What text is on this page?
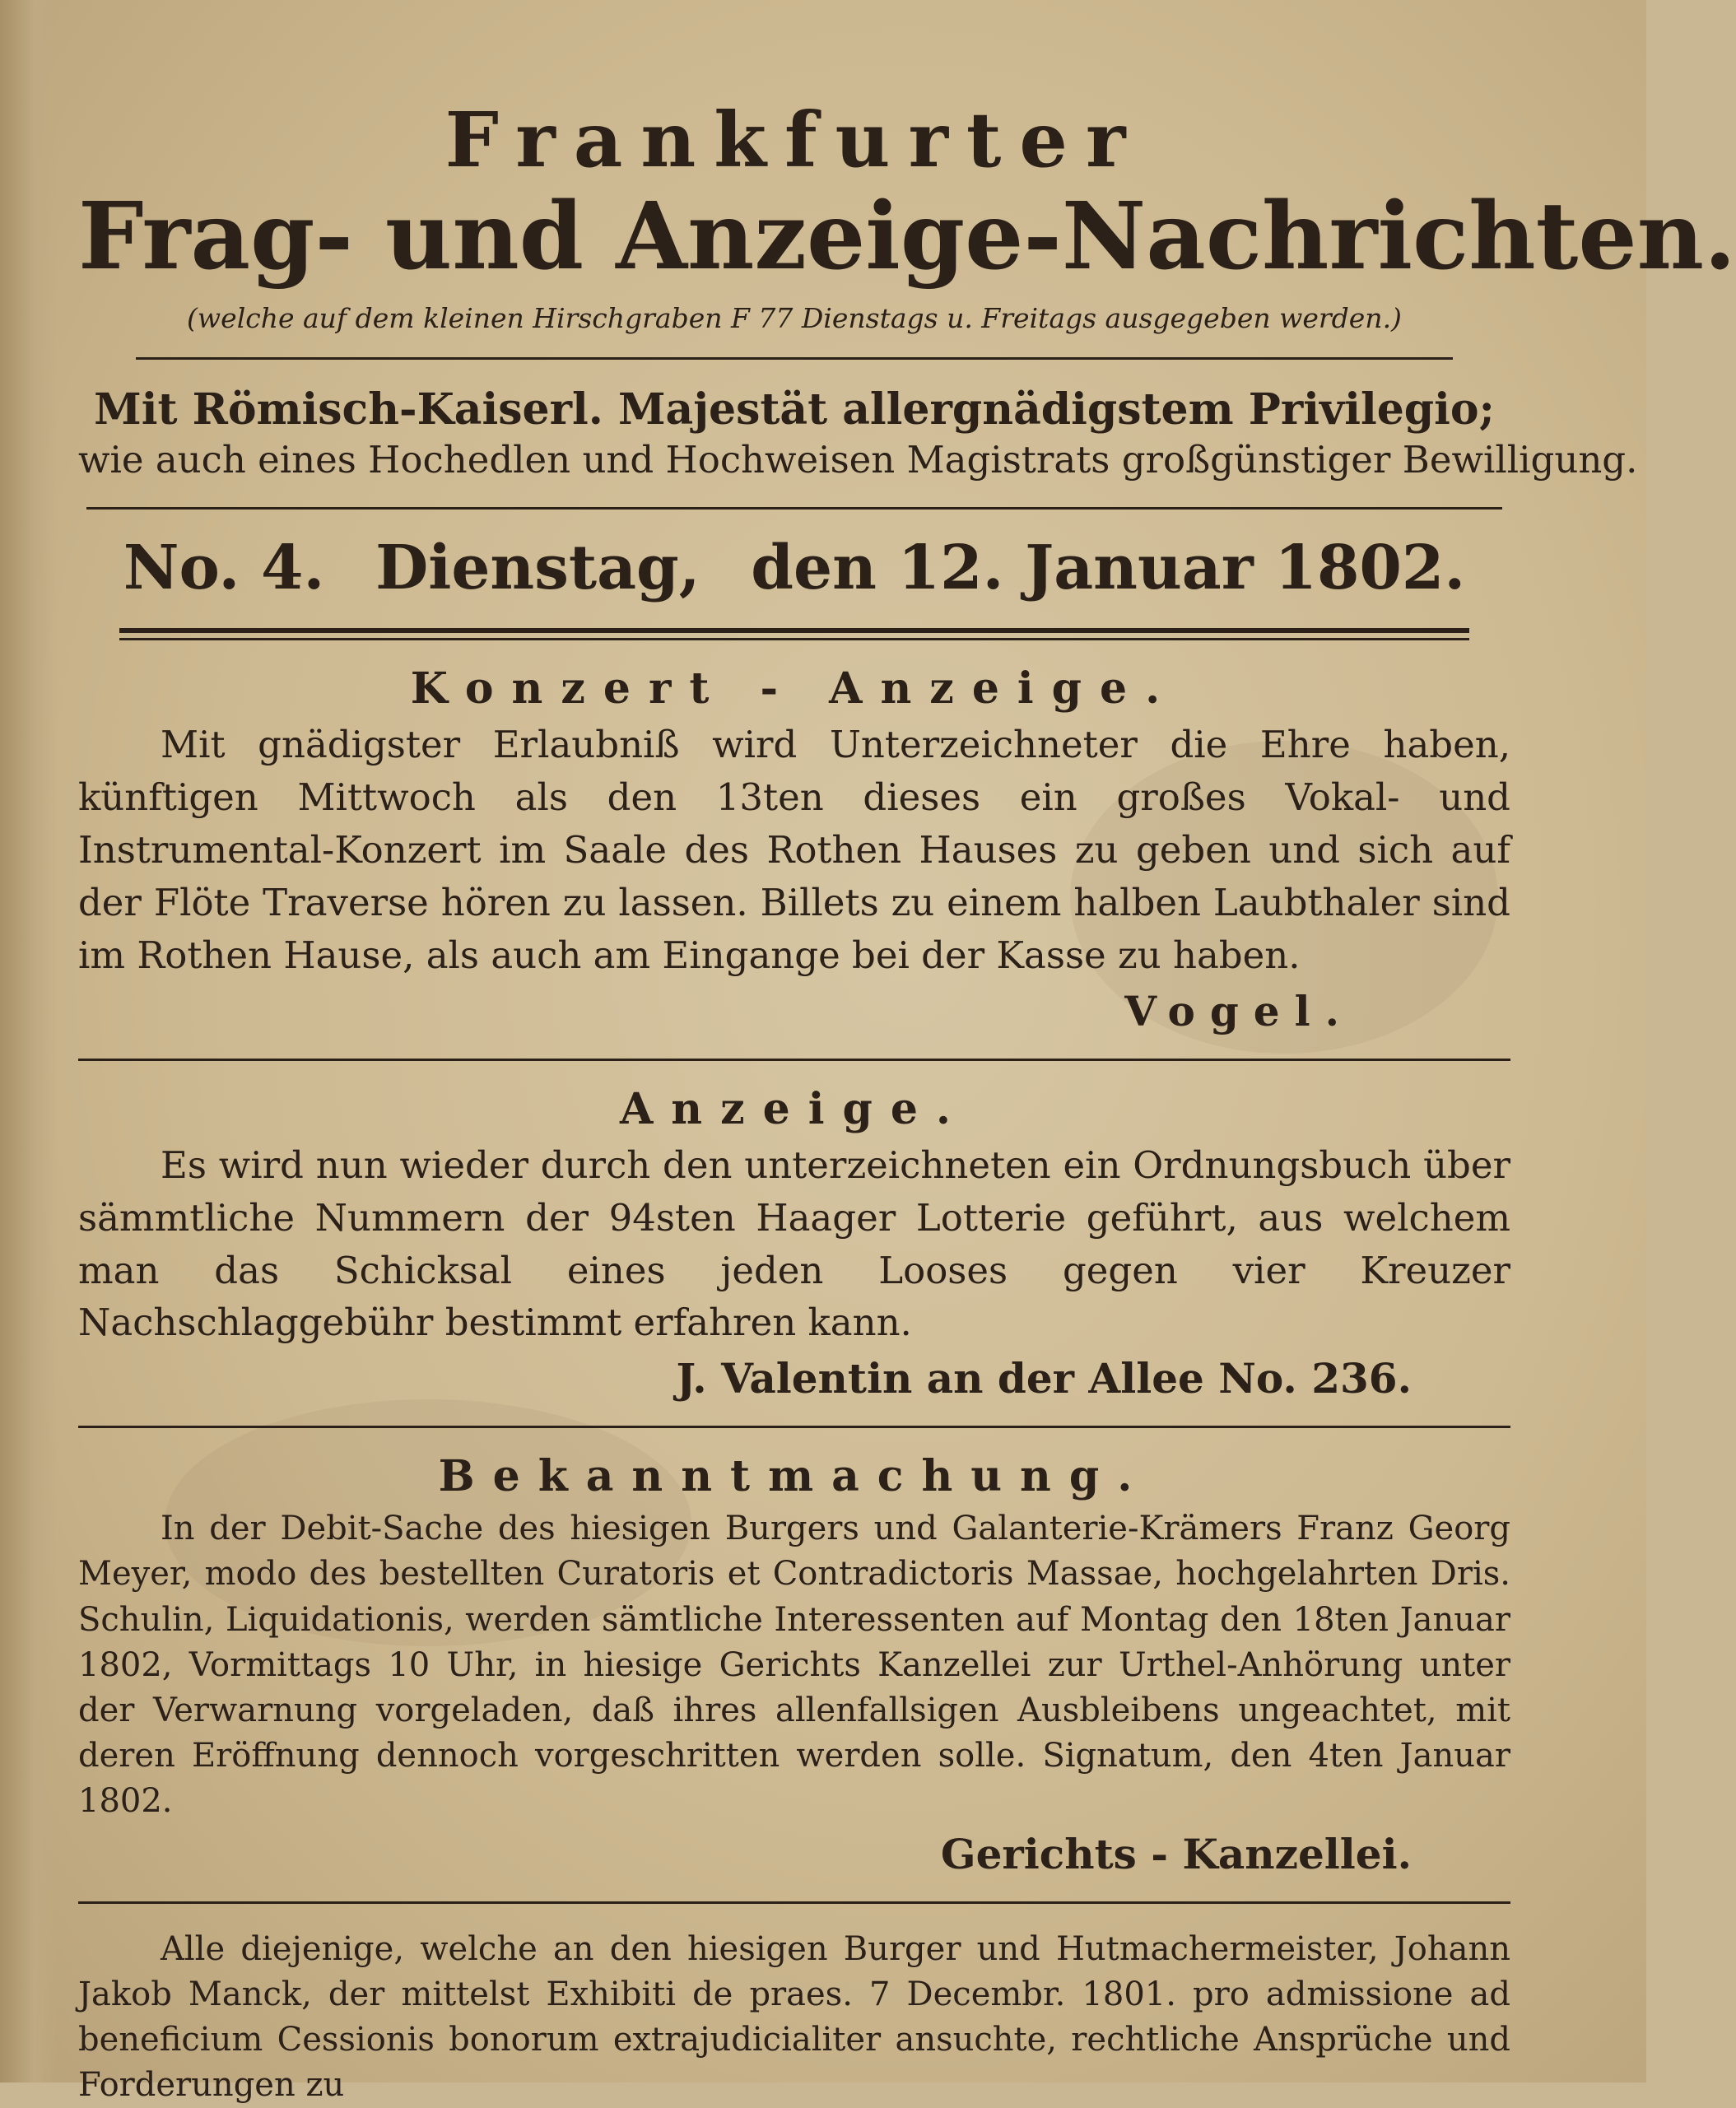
Frankfurter
Frag- und Anzeige-Nachrichten.
(welche auf dem kleinen Hirschgraben F 77 Dienstags u. Freitags ausgegeben werden.)
Mit Römisch-Kaiserl. Majestät allergnädigstem Privilegio;
wie auch eines Hochedlen und Hochweisen Magistrats großgünstiger Bewilligung.
No. 4. Dienstag, den 12. Januar 1802.
Konzert - Anzeige.
Mit gnädigster Erlaubniß wird Unterzeichneter die Ehre haben, künftigen Mittwoch als den 13ten dieses ein großes Vokal- und Instrumental-Konzert im Saale des Rothen Hauses zu geben und sich auf der Flöte Traverse hören zu lassen. Billets zu einem halben Laubthaler sind im Rothen Hause, als auch am Eingange bei der Kasse zu haben.
Vogel.
Anzeige.
Es wird nun wieder durch den unterzeichneten ein Ordnungsbuch über sämmtliche Nummern der 94sten Haager Lotterie geführt, aus welchem man das Schicksal eines jeden Looses gegen vier Kreuzer Nachschlaggebühr bestimmt erfahren kann.
J. Valentin an der Allee No. 236.
Bekanntmachung.
In der Debit-Sache des hiesigen Burgers und Galanterie-Krämers Franz Georg Meyer, modo des bestellten Curatoris et Contradictoris Massae, hochgelahrten Dris. Schulin, Liquidationis, werden sämtliche Interessenten auf Montag den 18ten Januar 1802, Vormittags 10 Uhr, in hiesige Gerichts Kanzellei zur Urthel-Anhörung unter der Verwarnung vorgeladen, daß ihres allenfallsigen Ausbleibens ungeachtet, mit deren Eröffnung dennoch vorgeschritten werden solle. Signatum, den 4ten Januar 1802.
Gerichts - Kanzellei.
Alle diejenige, welche an den hiesigen Burger und Hutmachermeister, Johann Jakob Manck, der mittelst Exhibiti de praes. 7 Decembr. 1801. pro admissione ad beneficium Cessionis bonorum extrajudicialiter ansuchte, rechtliche Ansprüche und Forderungen zu
